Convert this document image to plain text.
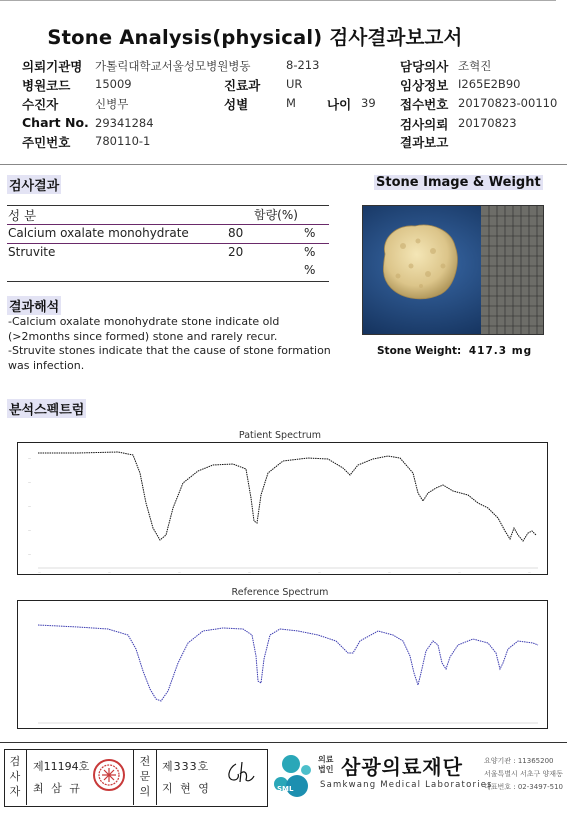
Stone Analysis(physical) 검사결과보고서
의뢰기관명 가톨릭대학교서울성모병원병동	8-213	담당의사 조혁진
병원코드 15009	진료과 UR	임상정보 I265E2B90
수진자	신병무	성별	M 나이 39 접수번호 20170823-00110
Chart No. 29341284	검사의뢰 20170823
주민번호 780110-1	결과보고
검사결과
성 분	함량(%)
Calcium oxalate monohydrate	80	%
Struvite	20	%
%
Stone Image & Weight
Stone Weight: 417.3 mg
결과해석
-Calcium oxalate monohydrate stone indicate old
(>2months since formed) stone and rarely recur.
-Struvite stones indicate that the cause of stone formation
was infection.
분석스펙트럼
Patient Spectrum
—
—
—
—
—
—	—	—	—	—	—	—	—
Reference Spectrum
검
사
자
제11194호
최 삼 규
전
문
의
제333호
지 현 영	SML
의료
법인 삼광의료재단
Samkwang Medical Laboratories
요양기관 : 11365200
서울특별시 서초구 양재동
대표번호 : 02-3497-510
